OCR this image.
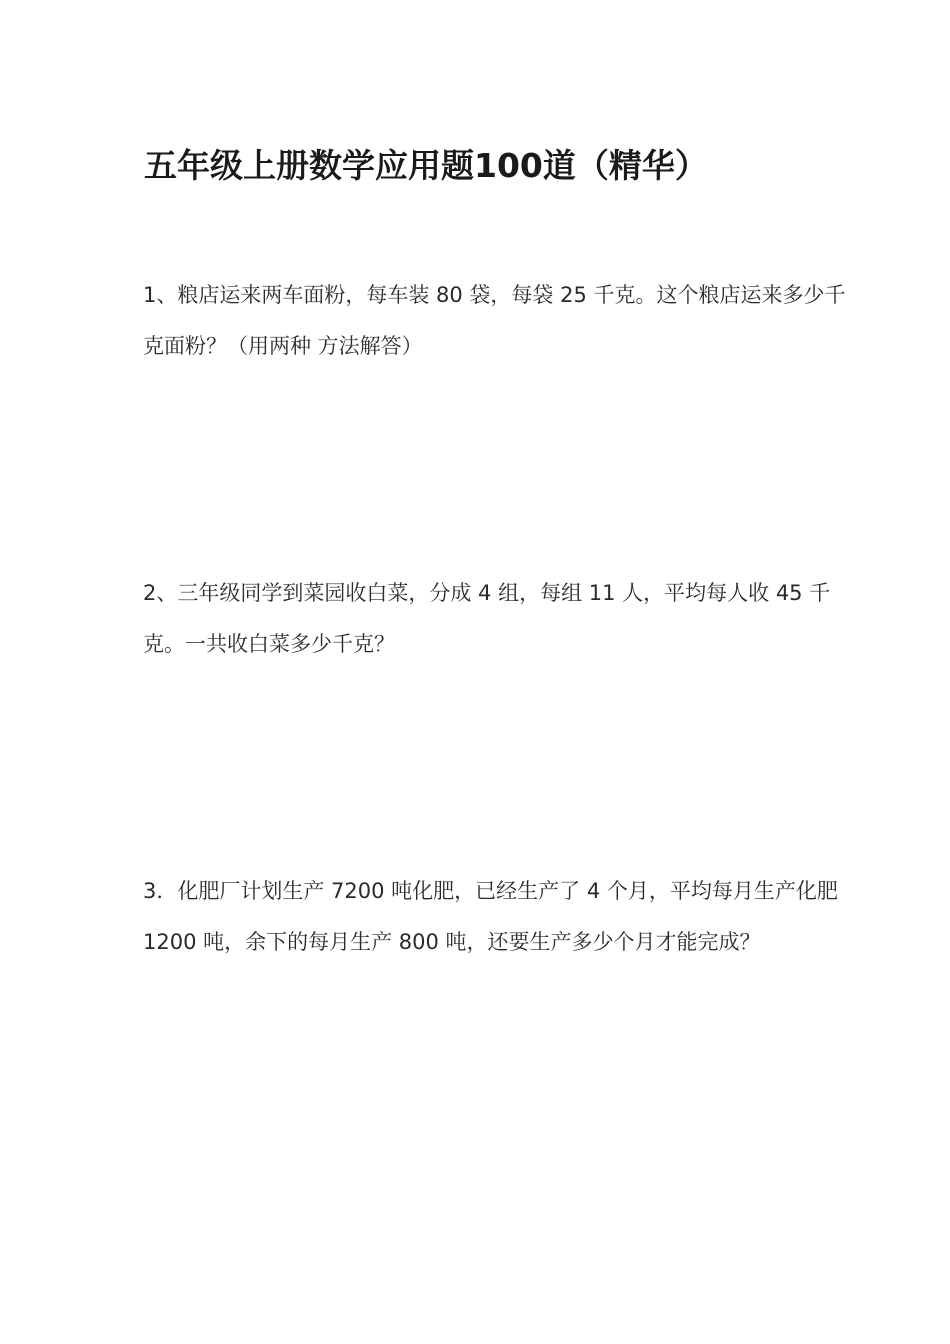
五年级上册数学应用题100道（精华）

1、粮店运来两车面粉，每车装 80 袋，每袋 25 千克。这个粮店运来多少千克面粉？（用两种 方法解答）

2、三年级同学到菜园收白菜，分成 4 组，每组 11 人，平均每人收 45 千克。一共收白菜多少千克？

3．化肥厂计划生产 7200 吨化肥，已经生产了 4 个月，平均每月生产化肥 1200 吨，余下的每月生产 800 吨，还要生产多少个月才能完成？
